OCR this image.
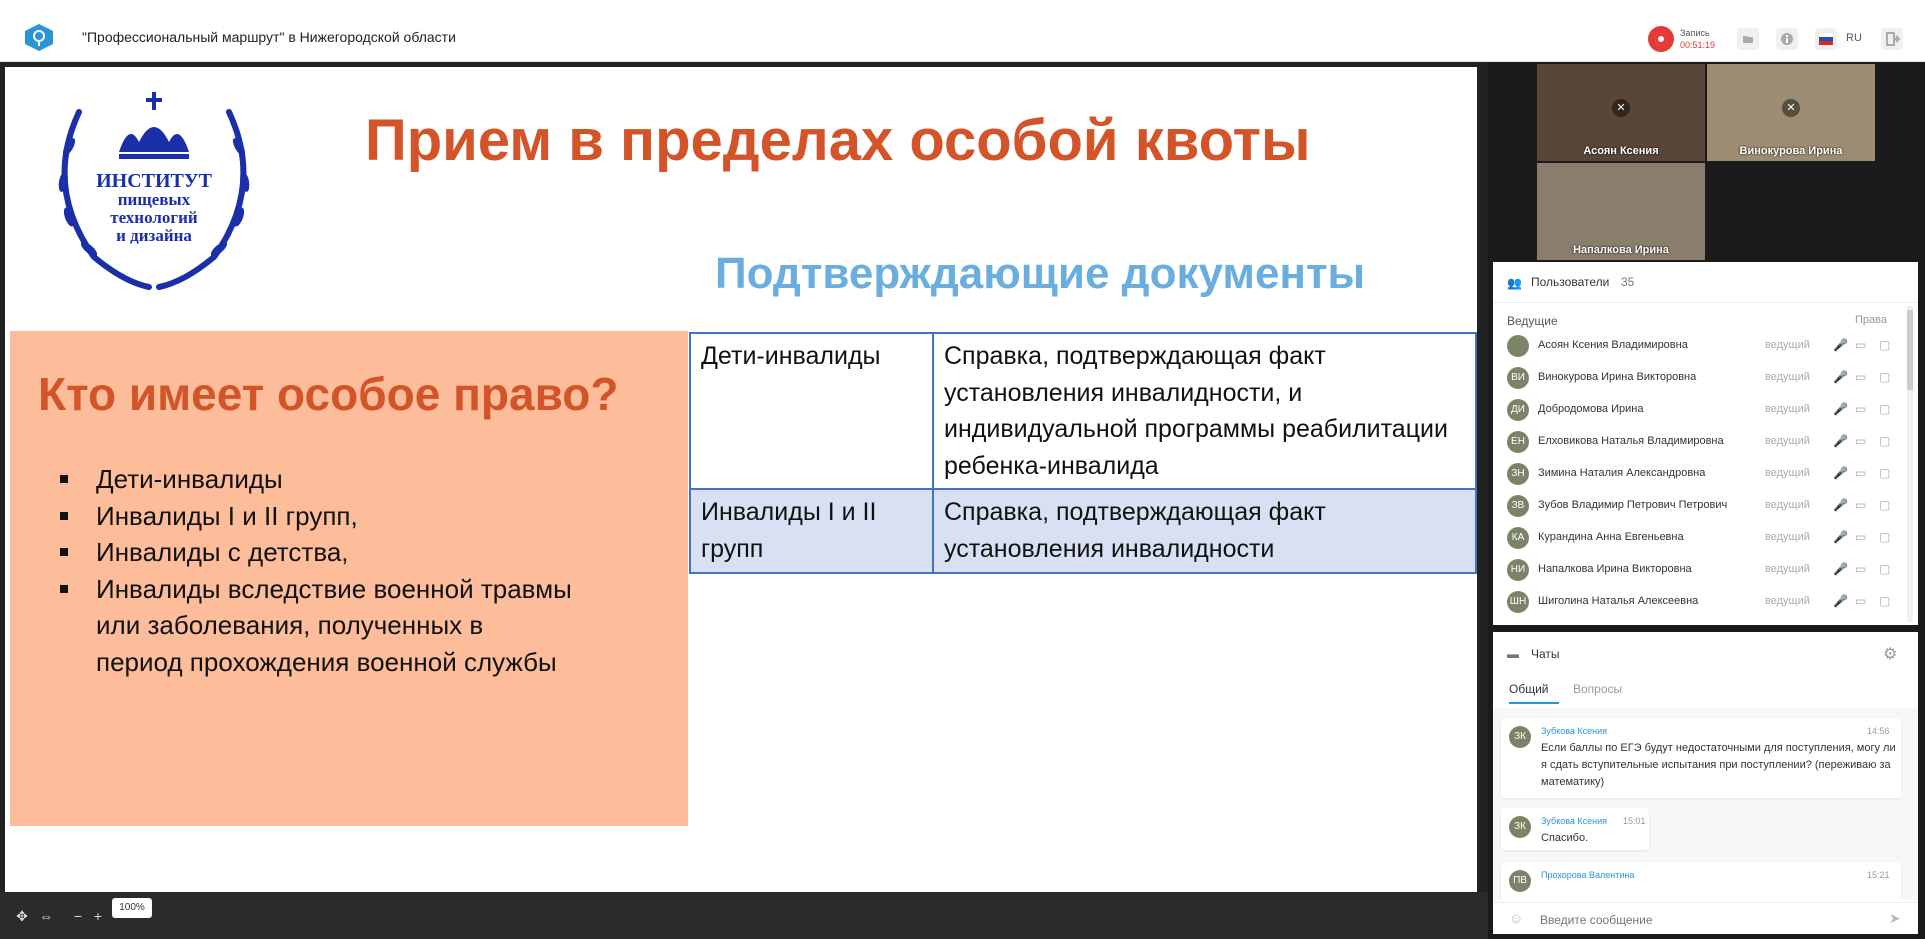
"Профессиональный маршрут" в Нижегородской области	Запись
00:51:19
RU
ИНСТИТУТ
пищевых
технологий
и дизайна
Прием в пределах особой квоты
Подтверждающие документы
Кто имеет особое право?
Дети-инвалиды
Инвалиды I и II групп,
Инвалиды с детства,
Инвалиды вследствие военной травмы или заболевания, полученных в период прохождения военной службы
Дети-инвалиды	Справка, подтверждающая факт установления инвалидности, и индивидуальной программы реабилитации ребенка-инвалида
Инвалиды I и II групп	Справка, подтверждающая факт установления инвалидности
✥ ⇔ − +
100%
✕
Асоян Ксения
✕
Винокурова Ирина
Напалкова Ирина
👥 Пользователи 35
Ведущие	Права
Асоян Ксения Владимировна	ведущий 🎤 ▭ ▢
ВИ	Винокурова Ирина Викторовна	ведущий 🎤 ▭ ▢
ДИ	Добродомова Ирина	ведущий 🎤 ▭ ▢
ЕН	Елховикова Наталья Владимировна	ведущий 🎤 ▭ ▢
ЗН	Зимина Наталия Александровна	ведущий 🎤 ▭ ▢
ЗВ	Зубов Владимир Петрович Петрович	ведущий 🎤 ▭ ▢
КА	Курандина Анна Евгеньевна	ведущий 🎤 ▭ ▢
НИ	Напалкова Ирина Викторовна	ведущий 🎤 ▭ ▢
ШН Шиголина Наталья Алексеевна	ведущий 🎤 ▭ ▢
▬ Чаты	⚙
Общий	Вопросы
ЗК	Зубкова Ксения	14:56
Если баллы по ЕГЭ будут недостаточными для поступления, могу ли я сдать вступительные испытания при поступлении? (переживаю за математику)
ЗК	Зубкова Ксения 15:01
Спасибо.
ПВ	Прохорова Валентина	15:21
☺
Введите сообщение	➤
